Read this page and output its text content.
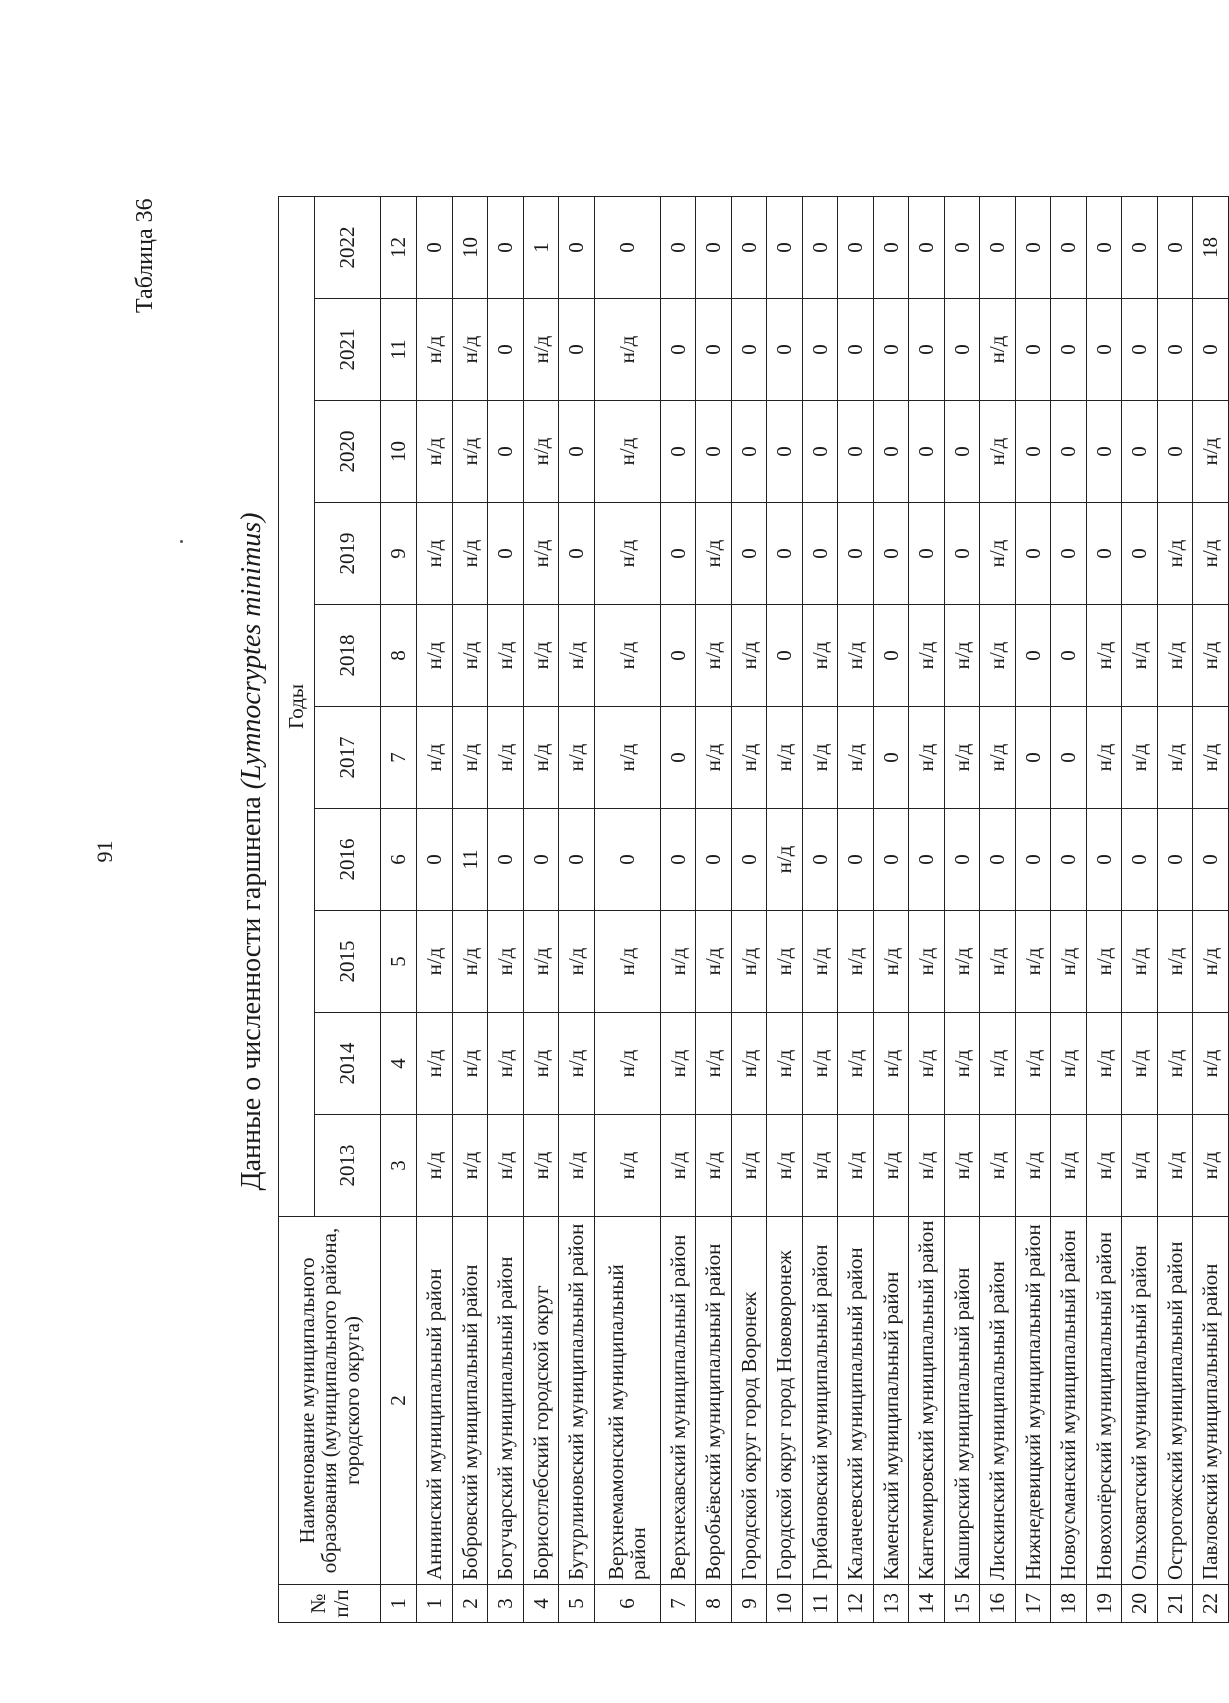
91
Таблица 36
Данные о численности гаршнепа (Lymnocryptes minimus)
№ п/п	Наименование муниципального образования (муниципального района, городского округа)	Годы									
		2013	2014	2015	2016	2017	2018	2019	2020	2021	2022
1	2	3	4	5	6	7	8	9	10	11	12
1	Аннинский муниципальный район	н/д	н/д	н/д	0	н/д	н/д	н/д	н/д	н/д	0
2	Бобровский муниципальный район	н/д	н/д	н/д	11	н/д	н/д	н/д	н/д	н/д	10
3	Богучарский муниципальный район	н/д	н/д	н/д	0	н/д	н/д	0	0	0	0
4	Борисоглебский городской округ	н/д	н/д	н/д	0	н/д	н/д	н/д	н/д	н/д	1
5	Бутурлиновский муниципальный район	н/д	н/д	н/д	0	н/д	н/д	0	0	0	0
6	Верхнемамонский муниципальный район	н/д	н/д	н/д	0	н/д	н/д	н/д	н/д	н/д	0
7	Верхнехавский муниципальный район	н/д	н/д	н/д	0	0	0	0	0	0	0
8	Воробьёвский муниципальный район	н/д	н/д	н/д	0	н/д	н/д	н/д	0	0	0
9	Городской округ город Воронеж	н/д	н/д	н/д	0	н/д	н/д	0	0	0	0
10	Городской округ город Нововоронеж	н/д	н/д	н/д	н/д	н/д	0	0	0	0	0
11	Грибановский муниципальный район	н/д	н/д	н/д	0	н/д	н/д	0	0	0	0
12	Калачеевский муниципальный район	н/д	н/д	н/д	0	н/д	н/д	0	0	0	0
13	Каменский муниципальный район	н/д	н/д	н/д	0	0	0	0	0	0	0
14	Кантемировский муниципальный район	н/д	н/д	н/д	0	н/д	н/д	0	0	0	0
15	Каширский муниципальный район	н/д	н/д	н/д	0	н/д	н/д	0	0	0	0
16	Лискинский муниципальный район	н/д	н/д	н/д	0	н/д	н/д	н/д	н/д	н/д	0
17	Нижнедевицкий муниципальный район	н/д	н/д	н/д	0	0	0	0	0	0	0
18	Новоусманский муниципальный район	н/д	н/д	н/д	0	0	0	0	0	0	0
19	Новохопёрский муниципальный район	н/д	н/д	н/д	0	н/д	н/д	0	0	0	0
20	Ольховатский муниципальный район	н/д	н/д	н/д	0	н/д	н/д	0	0	0	0
21	Острогожский муниципальный район	н/д	н/д	н/д	0	н/д	н/д	н/д	0	0	0
22	Павловский муниципальный район	н/д	н/д	н/д	0	н/д	н/д	н/д	н/д	0	18
